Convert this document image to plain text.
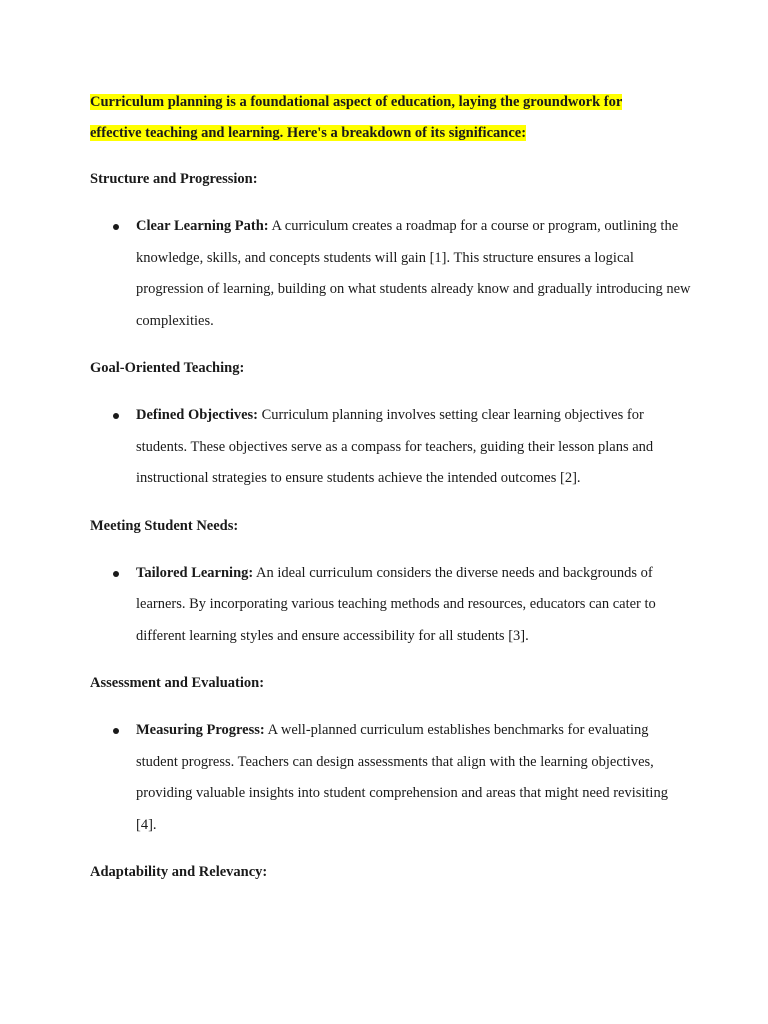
Curriculum planning is a foundational aspect of education, laying the groundwork for
effective teaching and learning. Here's a breakdown of its significance:

Structure and Progression:
Clear Learning Path: A curriculum creates a roadmap for a course or program, outlining the knowledge, skills, and concepts students will gain [1]. This structure ensures a logical progression of learning, building on what students already know and gradually introducing new complexities.
Goal-Oriented Teaching:
Defined Objectives: Curriculum planning involves setting clear learning objectives for students. These objectives serve as a compass for teachers, guiding their lesson plans and instructional strategies to ensure students achieve the intended outcomes [2].
Meeting Student Needs:
Tailored Learning: An ideal curriculum considers the diverse needs and backgrounds of learners. By incorporating various teaching methods and resources, educators can cater to different learning styles and ensure accessibility for all students [3].
Assessment and Evaluation:
Measuring Progress: A well-planned curriculum establishes benchmarks for evaluating student progress. Teachers can design assessments that align with the learning objectives, providing valuable insights into student comprehension and areas that might need revisiting [4].
Adaptability and Relevancy:
